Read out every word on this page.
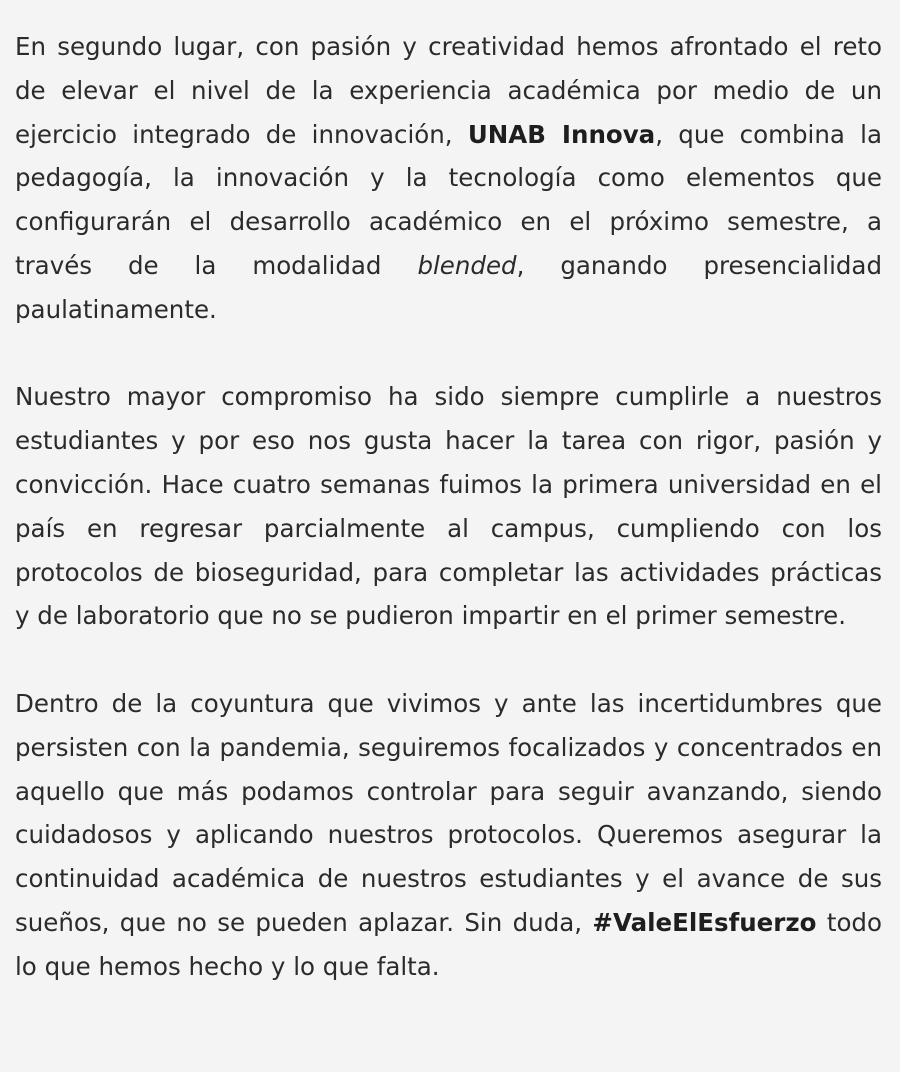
En segundo lugar, con pasión y creatividad hemos afrontado el reto de elevar el nivel de la experiencia académica por medio de un ejercicio integrado de innovación, UNAB Innova, que combina la pedagogía, la innovación y la tecnología como elementos que configurarán el desarrollo académico en el próximo semestre, a través de la modalidad blended, ganando presencialidad paulatinamente.

Nuestro mayor compromiso ha sido siempre cumplirle a nuestros estudiantes y por eso nos gusta hacer la tarea con rigor, pasión y convicción. Hace cuatro semanas fuimos la primera universidad en el país en regresar parcialmente al campus, cumpliendo con los protocolos de bioseguridad, para completar las actividades prácticas y de laboratorio que no se pudieron impartir en el primer semestre.

Dentro de la coyuntura que vivimos y ante las incertidumbres que persisten con la pandemia, seguiremos focalizados y concentrados en aquello que más podamos controlar para seguir avanzando, siendo cuidadosos y aplicando nuestros protocolos. Queremos asegurar la continuidad académica de nuestros estudiantes y el avance de sus sueños, que no se pueden aplazar. Sin duda, #ValeElEsfuerzo todo lo que hemos hecho y lo que falta.
